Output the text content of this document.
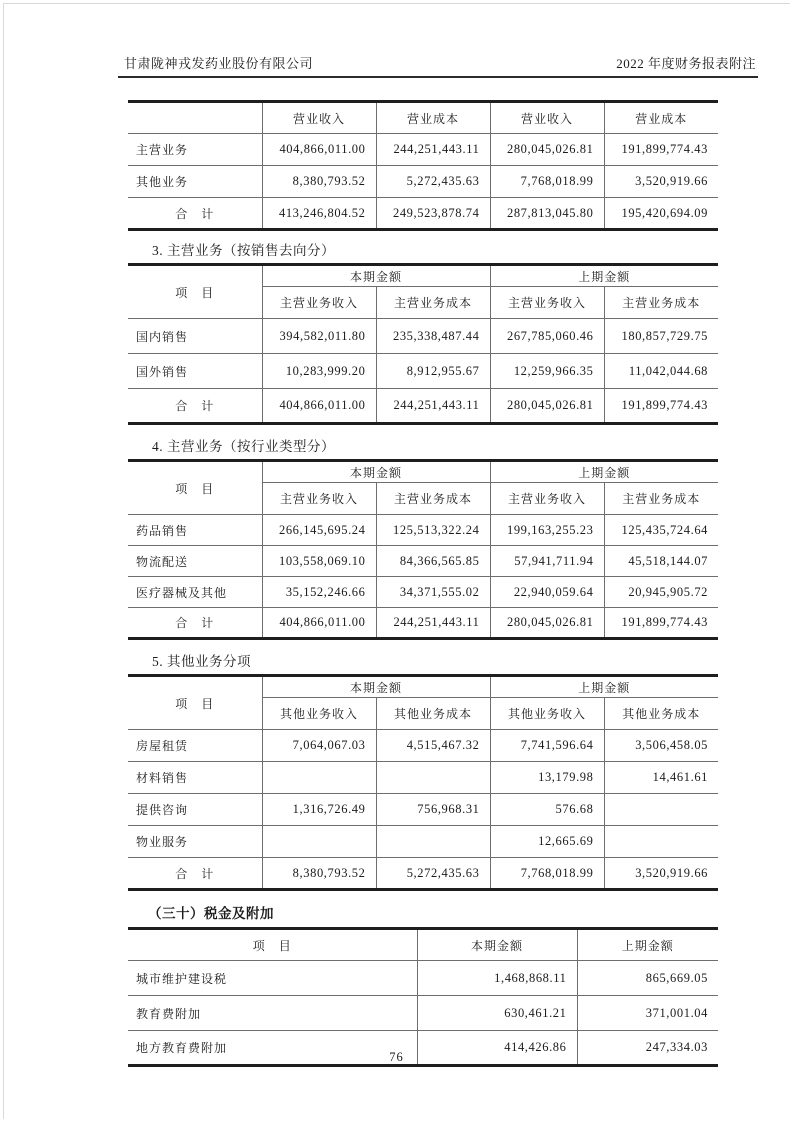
甘肃陇神戎发药业股份有限公司	2022 年度财务报表附注
	营业收入	营业成本	营业收入	营业成本
主营业务	404,866,011.00	244,251,443.11	280,045,026.81	191,899,774.43
其他业务	8,380,793.52	5,272,435.63	7,768,018.99	3,520,919.66
合　计	413,246,804.52	249,523,878.74	287,813,045.80	195,420,694.09
3. 主营业务（按销售去向分）
项　目	本期金额		上期金额	
	主营业务收入	主营业务成本	主营业务收入	主营业务成本
国内销售	394,582,011.80	235,338,487.44	267,785,060.46	180,857,729.75
国外销售	10,283,999.20	8,912,955.67	12,259,966.35	11,042,044.68
合　计	404,866,011.00	244,251,443.11	280,045,026.81	191,899,774.43
4. 主营业务（按行业类型分）
项　目	本期金额		上期金额	
	主营业务收入	主营业务成本	主营业务收入	主营业务成本
药品销售	266,145,695.24	125,513,322.24	199,163,255.23	125,435,724.64
物流配送	103,558,069.10	84,366,565.85	57,941,711.94	45,518,144.07
医疗器械及其他	35,152,246.66	34,371,555.02	22,940,059.64	20,945,905.72
合　计	404,866,011.00	244,251,443.11	280,045,026.81	191,899,774.43
5. 其他业务分项
项　目	本期金额		上期金额	
	其他业务收入	其他业务成本	其他业务收入	其他业务成本
房屋租赁	7,064,067.03	4,515,467.32	7,741,596.64	3,506,458.05
材料销售			13,179.98	14,461.61
提供咨询	1,316,726.49	756,968.31	576.68	
物业服务			12,665.69	
合　计	8,380,793.52	5,272,435.63	7,768,018.99	3,520,919.66
（三十）税金及附加
项　目	本期金额	上期金额
城市维护建设税	1,468,868.11	865,669.05
教育费附加	630,461.21	371,001.04
地方教育费附加	414,426.86	247,334.03
76
